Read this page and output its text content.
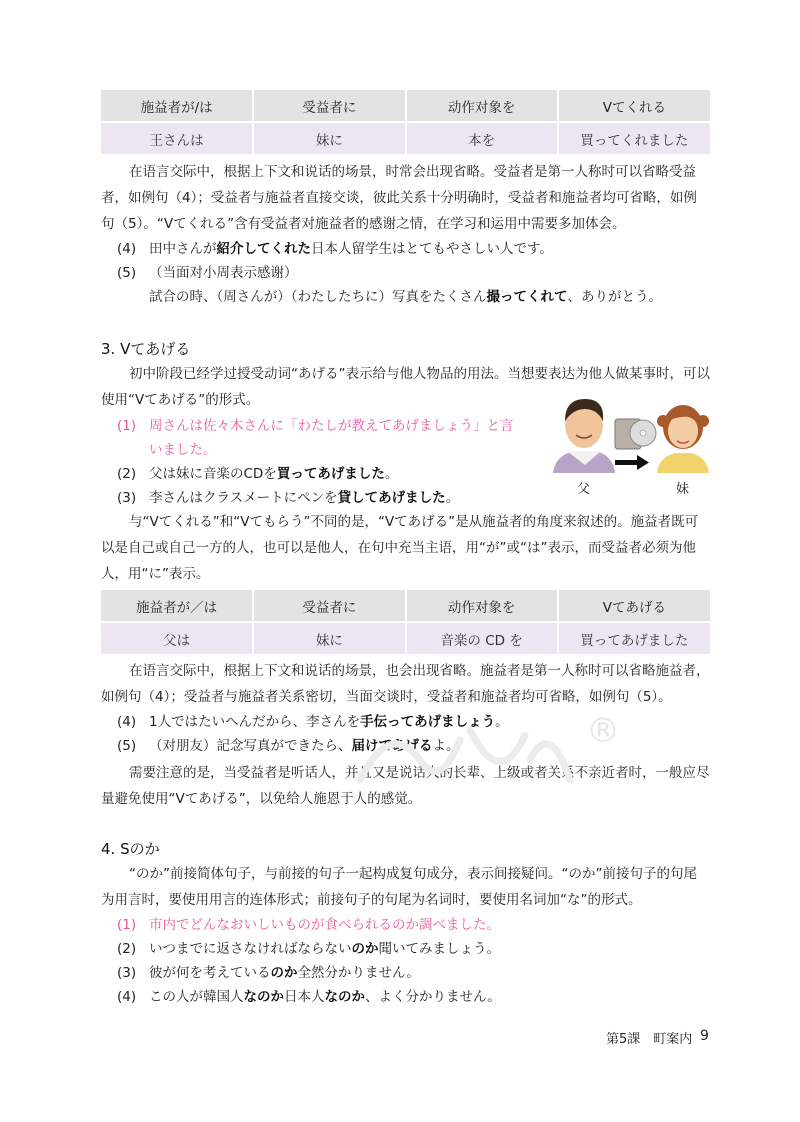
施益者が/は	受益者に	动作对象を	Vてくれる
王さんは	妹に	本を	買ってくれました
在语言交际中，根据上下文和说话的场景，时常会出现省略。受益者是第一人称时可以省略受益者，如例句（4）；受益者与施益者直接交谈，彼此关系十分明确时，受益者和施益者均可省略，如例句（5）。“Vてくれる”含有受益者对施益者的感谢之情，在学习和运用中需要多加体会。
(4) 田中さんが紹介してくれた日本人留学生はとてもやさしい人です。
(5) （当面对小周表示感谢）
試合の時、（周さんが）（わたしたちに）写真をたくさん撮ってくれて、ありがとう。
3. Vてあげる
初中阶段已经学过授受动词“あげる”表示给与他人物品的用法。当想要表达为他人做某事时，可以使用“Vてあげる”的形式。
(1) 周さんは佐々木さんに「わたしが教えてあげましょう」と言
いました。
(2) 父は妹に音楽のCDを買ってあげました。
(3) 李さんはクラスメートにペンを貸してあげました。
父	妹
与“Vてくれる”和“Vてもらう”不同的是，“Vてあげる”是从施益者的角度来叙述的。施益者既可以是自己或自己一方的人，也可以是他人，在句中充当主语，用“が”或“は”表示，而受益者必须为他人，用“に”表示。
施益者が／は	受益者に	动作对象を	Vてあげる
父は	妹に	音楽の CD を	買ってあげました
在语言交际中，根据上下文和说话的场景，也会出现省略。施益者是第一人称时可以省略施益者，如例句（4）；受益者与施益者关系密切，当面交谈时，受益者和施益者均可省略，如例句（5）。
(4) 1人ではたいへんだから、李さんを手伝ってあげましょう。
(5) （对朋友）記念写真ができたら、届けてあげるよ。
需要注意的是，当受益者是听话人，并且又是说话人的长辈、上级或者关系不亲近者时，一般应尽量避免使用“Vてあげる”，以免给人施恩于人的感觉。
®
4. Sのか
“のか”前接简体句子，与前接的句子一起构成复句成分，表示间接疑问。“のか”前接句子的句尾为用言时，要使用用言的连体形式；前接句子的句尾为名词时，要使用名词加“な”的形式。
(1) 市内でどんなおいしいものが食べられるのか調べました。
(2) いつまでに返さなければならないのか聞いてみましょう。
(3) 彼が何を考えているのか全然分かりません。
(4) この人が韓国人なのか日本人なのか、よく分かりません。
第5課　町案内 9
